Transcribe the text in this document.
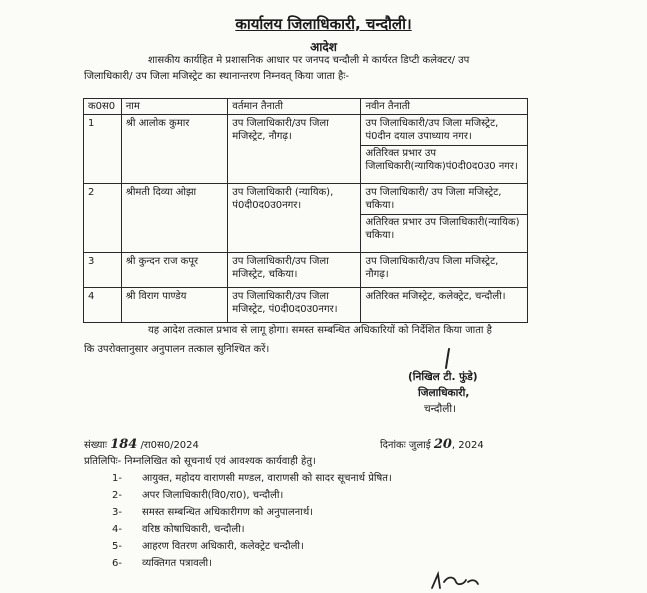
कार्यालय जिलाधिकारी, चन्दौली।
आदेश
शासकीय कार्यहित मे प्रशासनिक आधार पर जनपद चन्दौली मे कार्यरत डिप्टी कलेक्टर/ उप
जिलाधिकारी/ उप जिला मजिस्ट्रेट का स्थानान्तरण निम्नवत् किया जाता हैः-
क0स0	नाम	वर्तमान तैनाती	नवीन तैनाती
1	श्री आलोक कुमार	उप जिलाधिकारी/उप जिला मजिस्ट्रेट, नौगढ़।	उप जिलाधिकारी/उप जिला मजिस्ट्रेट, पं0दीन दयाल उपाध्याय नगर।
अतिरिक्त प्रभार उप जिलाधिकारी(न्यायिक)पं0दी0द0उ0 नगर।

2	श्रीमती दिव्या ओझा	उप जिलाधिकारी (न्यायिक), पं0दी0द0उ0नगर।	उप जिलाधिकारी/ उप जिला मजिस्ट्रेट, चकिया।
अतिरिक्त प्रभार उप जिलाधिकारी(न्यायिक) चकिया।

3	श्री कुन्दन राज कपूर	उप जिलाधिकारी/उप जिला मजिस्ट्रेट, चकिया।	उप जिलाधिकारी/उप जिला मजिस्ट्रेट, नौगढ़।
4	श्री विराग पाण्डेय	उप जिलाधिकारी/उप जिला मजिस्ट्रेट, पं0दी0द0उ0नगर।	अतिरिक्त मजिस्ट्रेट, कलेक्ट्रेट, चन्दौली।
यह आदेश तत्काल प्रभाव से लागू होगा। समस्त सम्बन्धित अधिकारियों को निर्देशित किया जाता है
कि उपरोक्तानुसार अनुपालन तत्काल सुनिश्चित करें।
(निखिल टी. फुंडे)
जिलाधिकारी,
चन्दौली।
संख्याः 184 /रा0स0/2024	दिनांकः जुलाई 20, 2024
प्रतिलिपिः- निम्नलिखित को सूचनार्थ एवं आवश्यक कार्यवाही हेतु।
1- आयुक्त, महोदय वाराणसी मण्डल, वाराणसी को सादर सूचनार्थ प्रेषित।
2- अपर जिलाधिकारी(वि0/रा0), चन्दौली।
3- समस्त सम्बन्धित अधिकारीगण को अनुपालनार्थ।
4- वरिष्ठ कोषाधिकारी, चन्दौली।
5- आहरण वितरण अधिकारी, कलेक्ट्रेट चन्दौली।
6- व्यक्तिगत पत्रावली।
